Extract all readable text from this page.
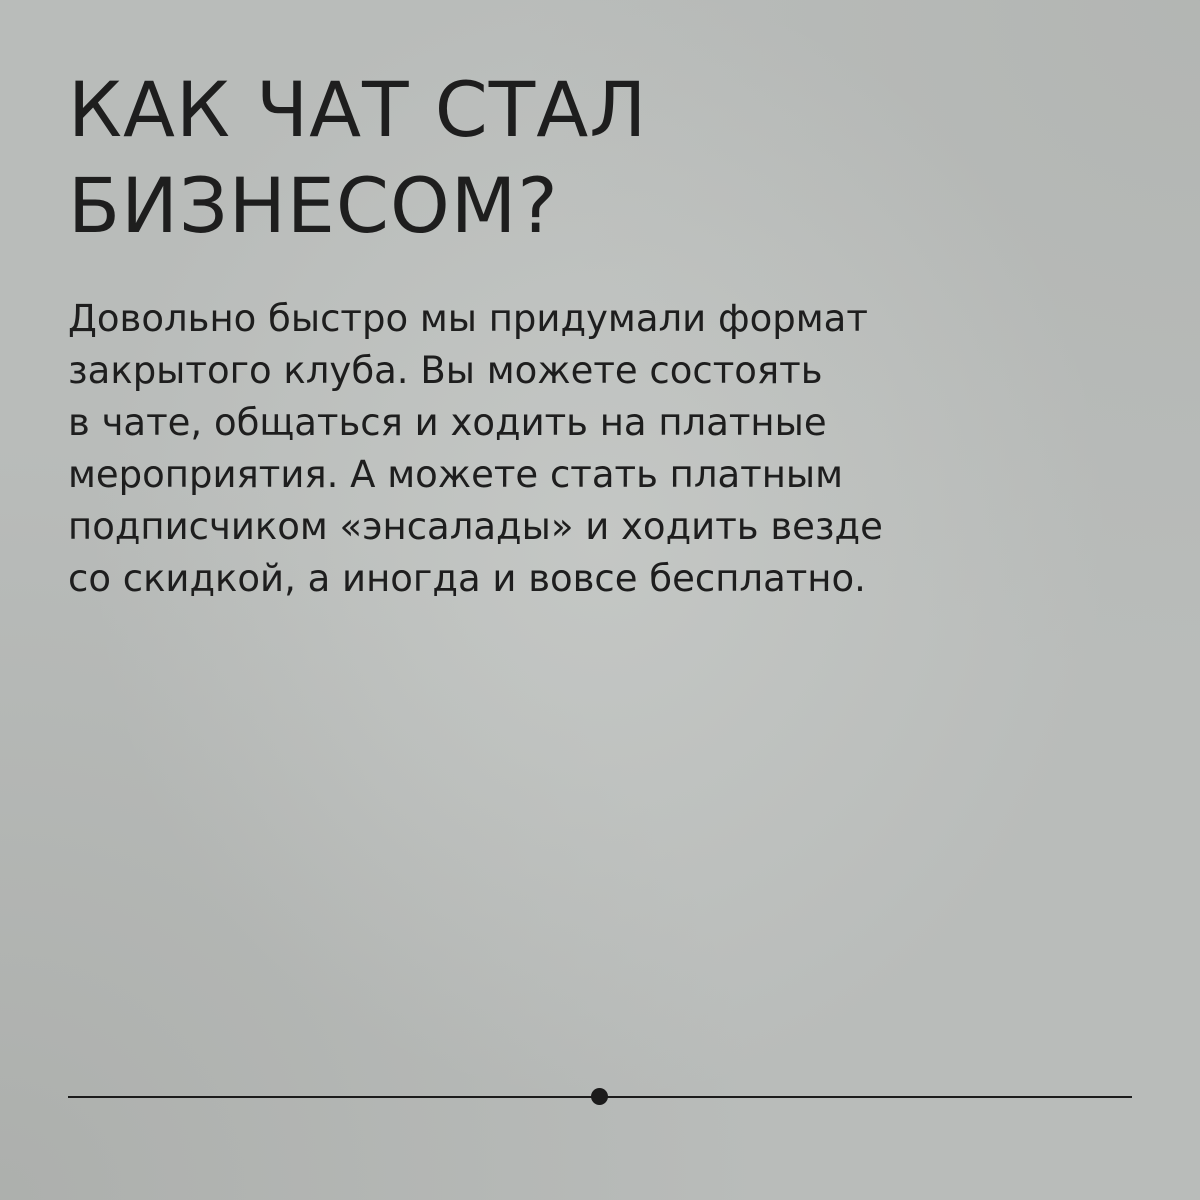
КАК ЧАТ СТАЛ
БИЗНЕСОМ?

Довольно быстро мы придумали формат
закрытого клуба. Вы можете состоять
в чате, общаться и ходить на платные
мероприятия. А можете стать платным
подписчиком «энсалады» и ходить везде
со скидкой, а иногда и вовсе бесплатно.
